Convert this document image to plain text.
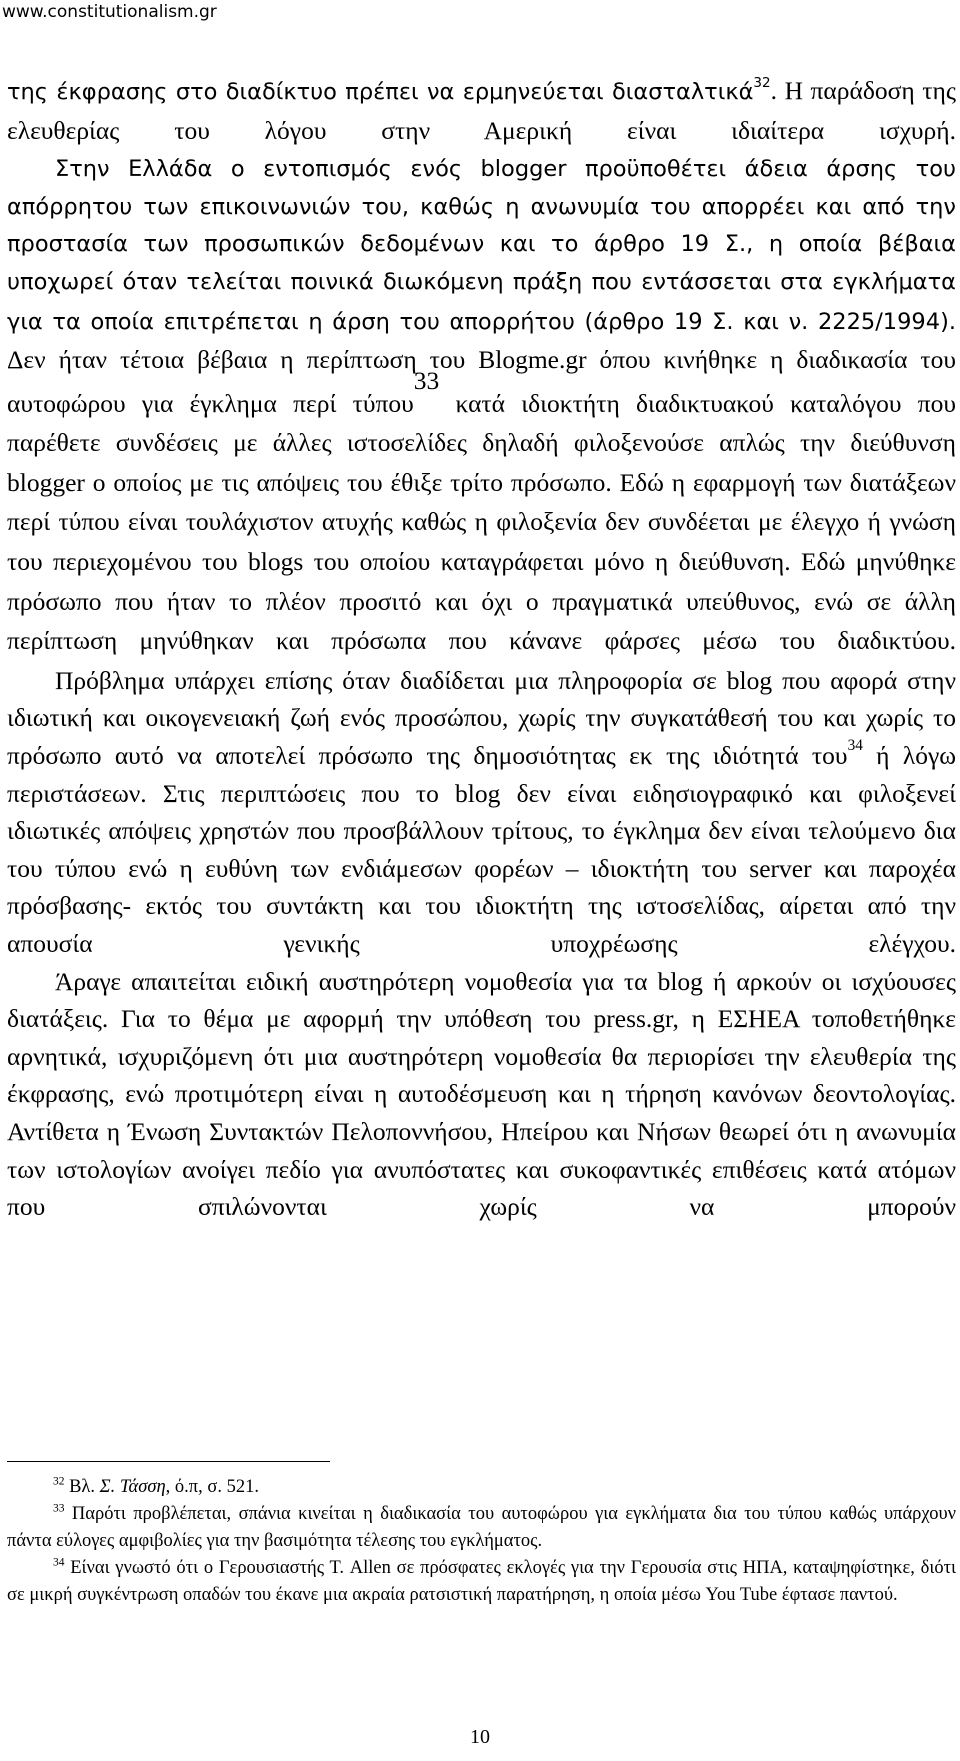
www.constitutionalism.gr

της έκφρασης στο διαδίκτυο πρέπει να ερμηνεύεται διασταλτικά$^{32}$. Η παράδοση της ελευθερίας του λόγου στην Αμερική είναι ιδιαίτερα ισχυρή.

Στην Ελλάδα ο εντοπισμός ενός blogger προϋποθέτει άδεια άρσης του απόρρητου των επικοινωνιών του, καθώς η ανωνυμία του απορρέει και από την προστασία των προσωπικών δεδομένων και το άρθρο 19 Σ., η οποία βέβαια υποχωρεί όταν τελείται ποινικά διωκόμενη πράξη που εντάσσεται στα εγκλήματα για τα οποία επιτρέπεται η άρση του απορρήτου (άρθρο 19 Σ. και ν. 2225/1994). Δεν ήταν τέτοια βέβαια η περίπτωση του Blogme.gr όπου κινήθηκε η διαδικασία του αυτοφώρου για έγκλημα περί τύπου$^{33}$ κατά ιδιοκτήτη διαδικτυακού καταλόγου που παρέθετε συνδέσεις με άλλες ιστοσελίδες δηλαδή φιλοξενούσε απλώς την διεύθυνση blogger ο οποίος με τις απόψεις του έθιξε τρίτο πρόσωπο. Εδώ η εφαρμογή των διατάξεων περί τύπου είναι τουλάχιστον ατυχής καθώς η φιλοξενία δεν συνδέεται με έλεγχο ή γνώση του περιεχομένου του blogs του οποίου καταγράφεται μόνο η διεύθυνση. Εδώ μηνύθηκε πρόσωπο που ήταν το πλέον προσιτό και όχι ο πραγματικά υπεύθυνος, ενώ σε άλλη περίπτωση μηνύθηκαν και πρόσωπα που κάνανε φάρσες μέσω του διαδικτύου.

Πρόβλημα υπάρχει επίσης όταν διαδίδεται μια πληροφορία σε blog που αφορά στην ιδιωτική και οικογενειακή ζωή ενός προσώπου, χωρίς την συγκατάθεσή του και χωρίς το πρόσωπο αυτό να αποτελεί πρόσωπο της δημοσιότητας εκ της ιδιότητά του$^{34}$ ή λόγω περιστάσεων. Στις περιπτώσεις που το blog δεν είναι ειδησιογραφικό και φιλοξενεί ιδιωτικές απόψεις χρηστών που προσβάλλουν τρίτους, το έγκλημα δεν είναι τελούμενο δια του τύπου ενώ η ευθύνη των ενδιάμεσων φορέων – ιδιοκτήτη του server και παροχέα πρόσβασης- εκτός του συντάκτη και του ιδιοκτήτη της ιστοσελίδας, αίρεται από την απουσία γενικής υποχρέωσης ελέγχου.

Άραγε απαιτείται ειδική αυστηρότερη νομοθεσία για τα blog ή αρκούν οι ισχύουσες διατάξεις. Για το θέμα με αφορμή την υπόθεση του press.gr, η ΕΣΗΕΑ τοποθετήθηκε αρνητικά, ισχυριζόμενη ότι μια αυστηρότερη νομοθεσία θα περιορίσει την ελευθερία της έκφρασης, ενώ προτιμότερη είναι η αυτοδέσμευση και η τήρηση κανόνων δεοντολογίας. Αντίθετα η Ένωση Συντακτών Πελοποννήσου, Ηπείρου και Νήσων θεωρεί ότι η ανωνυμία των ιστολογίων ανοίγει πεδίο για ανυπόστατες και συκοφαντικές επιθέσεις κατά ατόμων που σπιλώνονται χωρίς να μπορούν

$^{32}$ Βλ. Σ. Τάσση, ό.π, σ. 521.

$^{33}$ Παρότι προβλέπεται, σπάνια κινείται η διαδικασία του αυτοφώρου για εγκλήματα δια του τύπου καθώς υπάρχουν πάντα εύλογες αμφιβολίες για την βασιμότητα τέλεσης του εγκλήματος.

$^{34}$ Είναι γνωστό ότι ο Γερουσιαστής Τ. Allen σε πρόσφατες εκλογές για την Γερουσία στις ΗΠΑ, καταψηφίστηκε, διότι σε μικρή συγκέντρωση οπαδών του έκανε μια ακραία ρατσιστική παρατήρηση, η οποία μέσω You Tube έφτασε παντού.

10
